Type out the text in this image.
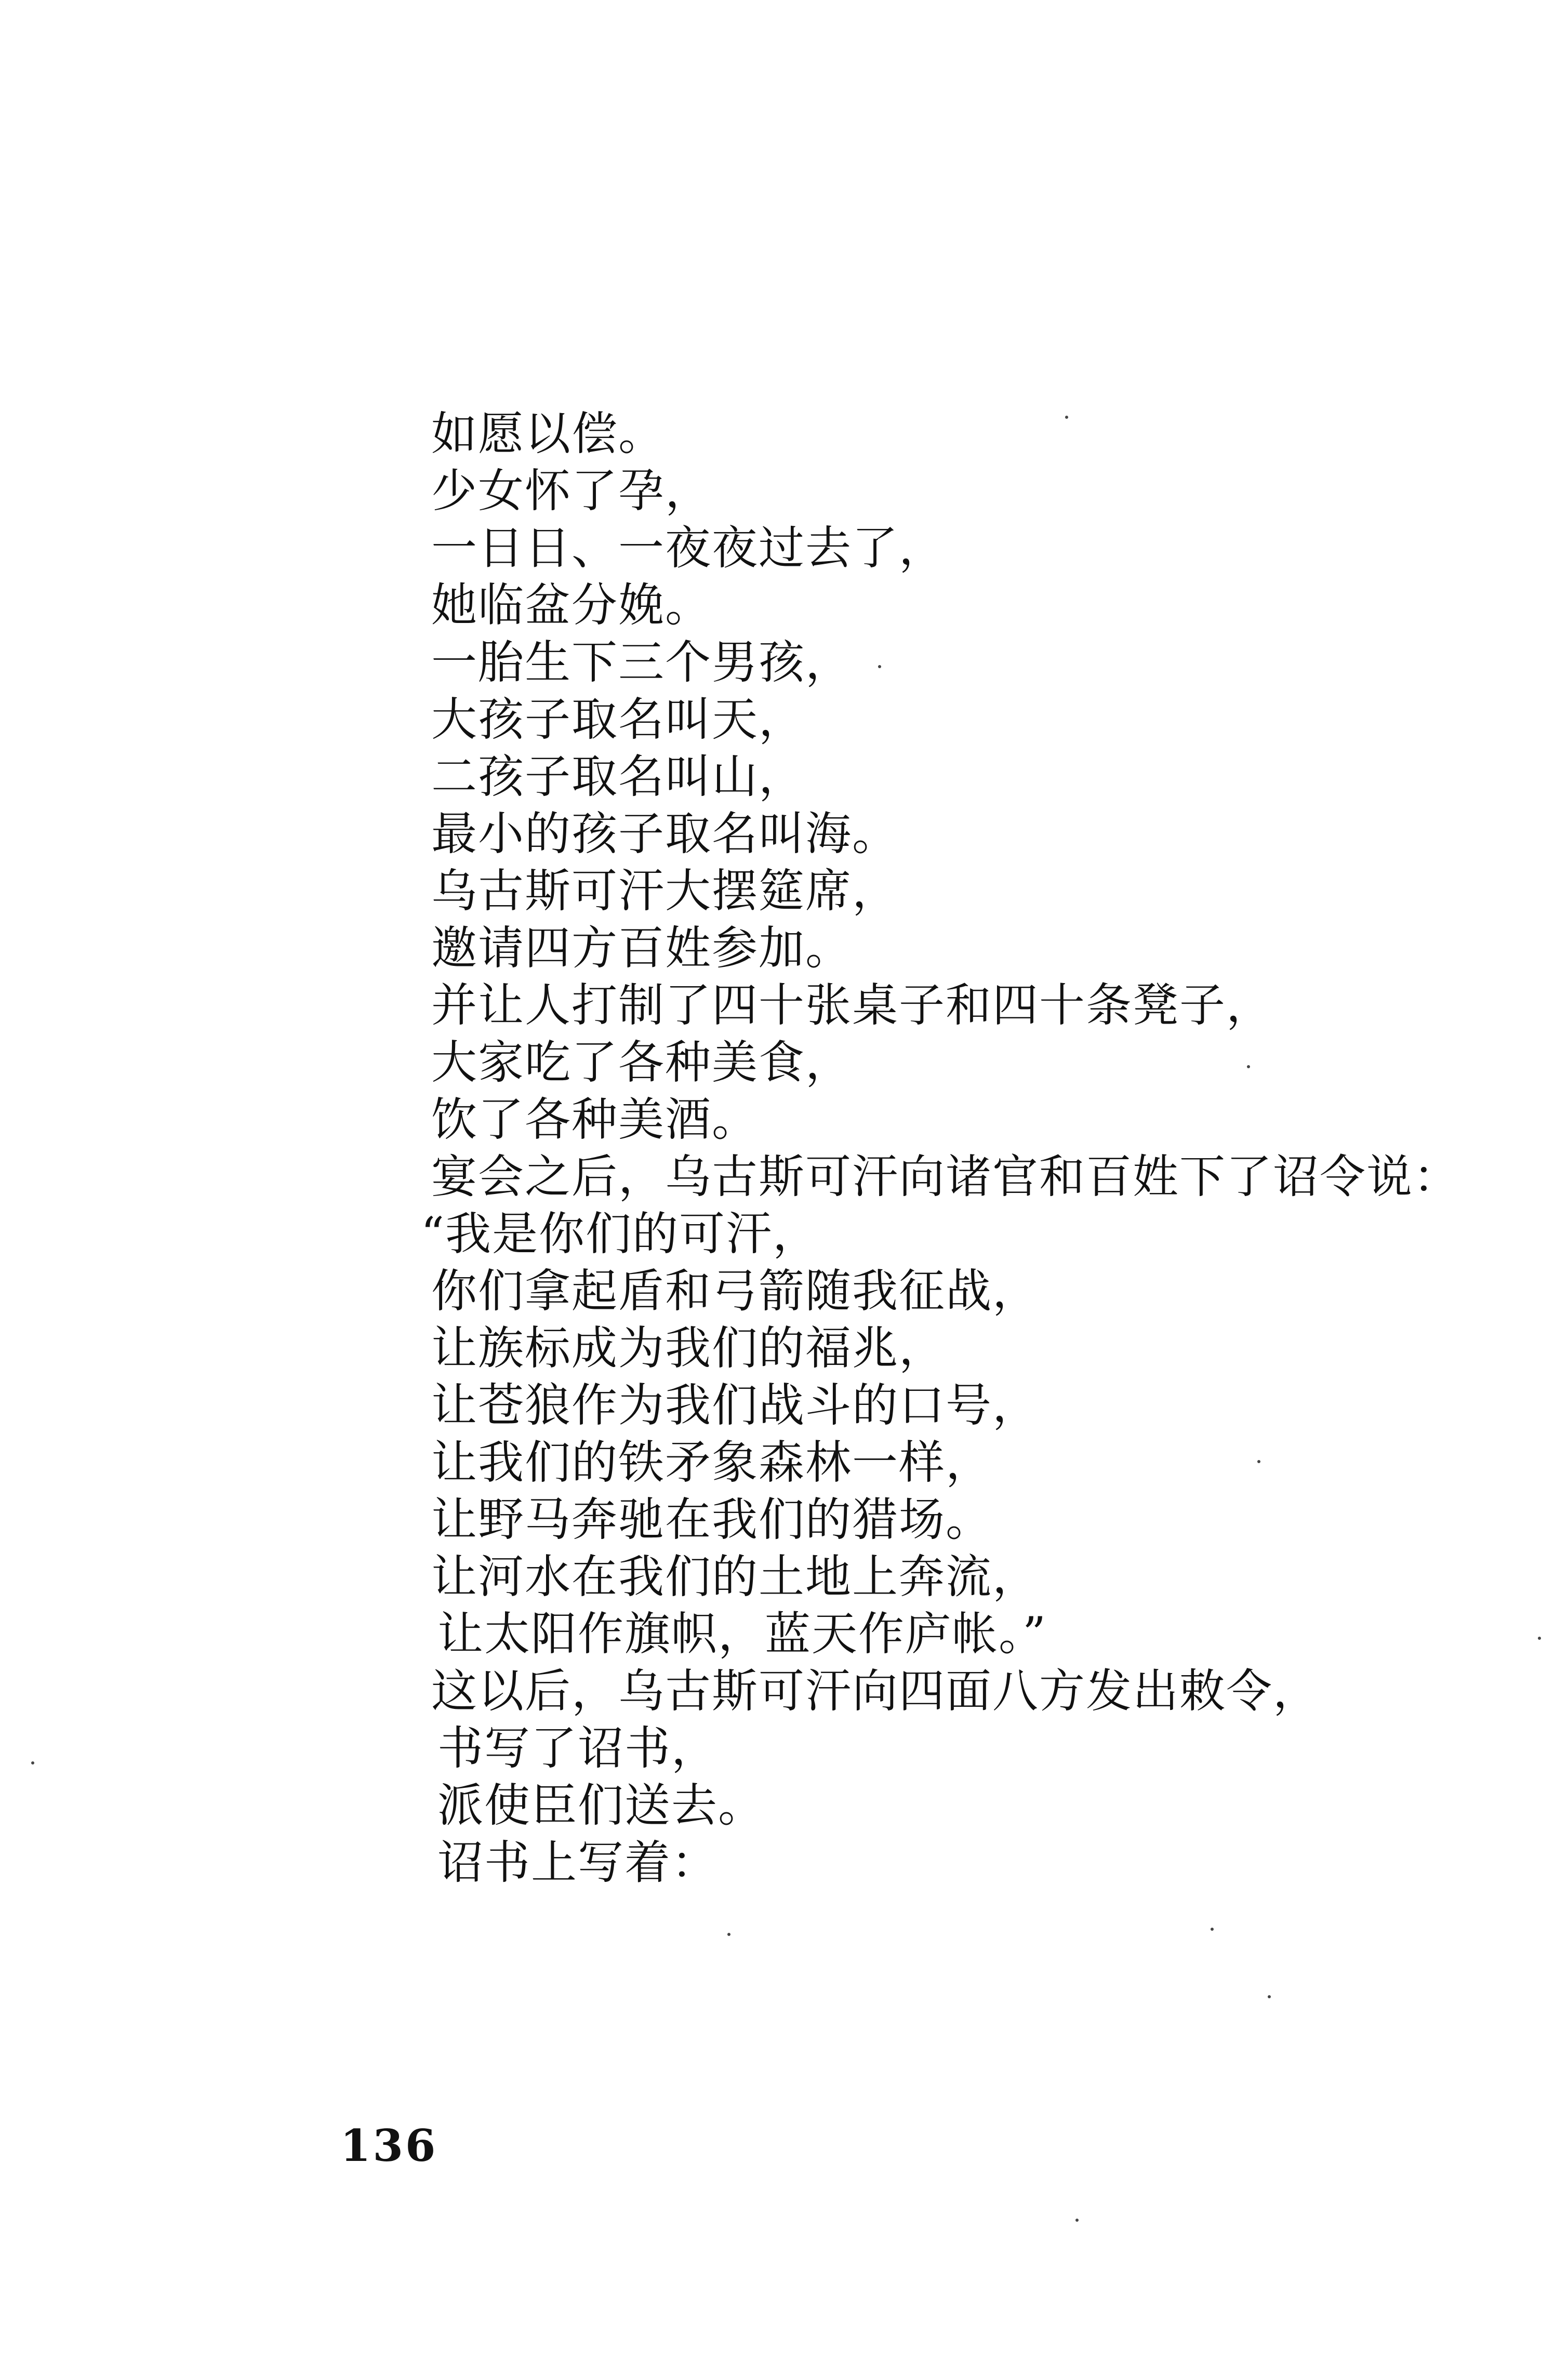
如愿以偿。
少女怀了孕，
一日日、一夜夜过去了，
她临盆分娩。
一胎生下三个男孩，
大孩子取名叫天，
二孩子取名叫山，
最小的孩子取名叫海。
乌古斯可汗大摆筵席，
邀请四方百姓参加。
并让人打制了四十张桌子和四十条凳子，
大家吃了各种美食，
饮了各种美酒。
宴会之后，乌古斯可汗向诸官和百姓下了诏令说：
“我是你们的可汗，
你们拿起盾和弓箭随我征战，
让族标成为我们的福兆，
让苍狼作为我们战斗的口号，
让我们的铁矛象森林一样，
让野马奔驰在我们的猎场。
让河水在我们的土地上奔流，
让太阳作旗帜，蓝天作庐帐。”
这以后，乌古斯可汗向四面八方发出敕令，
书写了诏书，
派使臣们送去。
诏书上写着：
136
